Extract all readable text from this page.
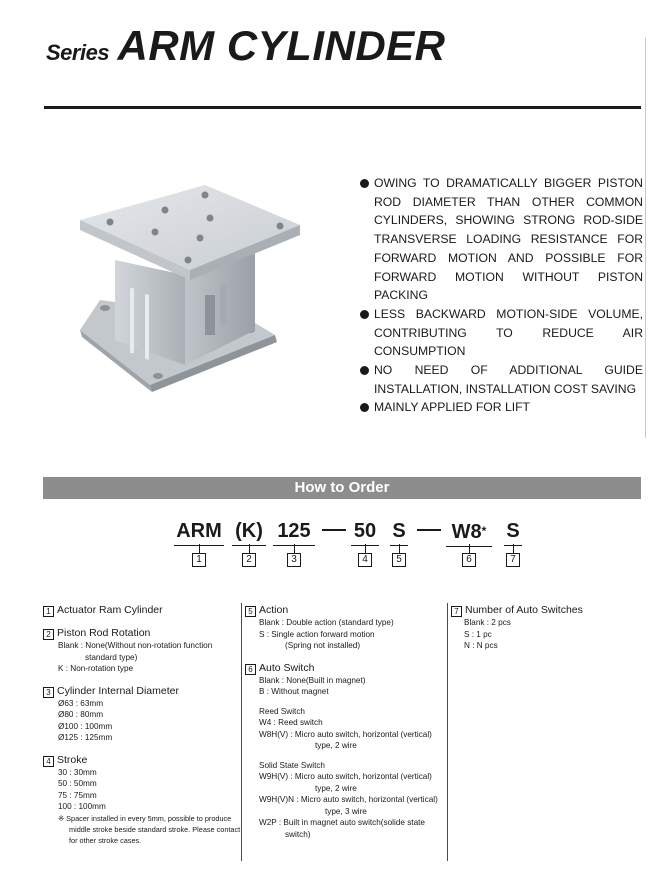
Series ARM CYLINDER
OWING TO DRAMATICALLY BIGGER PISTON ROD DIAMETER THAN OTHER COMMON CYLINDERS, SHOWING STRONG ROD-SIDE TRANSVERSE LOADING RESISTANCE FOR FORWARD MOTION AND POSSIBLE FOR FORWARD MOTION WITHOUT PISTON PACKING
LESS BACKWARD MOTION-SIDE VOLUME, CONTRIBUTING TO REDUCE AIR CONSUMPTION
NO NEED OF ADDITIONAL GUIDE INSTALLATION, INSTALLATION COST SAVING
MAINLY APPLIED FOR LIFT
How to Order
ARM (K) 125 50 S W8* S
1	2	3	4	5	6	7
1 Actuator Ram Cylinder
2 Piston Rod Rotation
Blank : None(Without non-rotation function
standard type)
K : Non-rotation type
3 Cylinder Internal Diameter
Ø63 : 63mm
Ø80 : 80mm
Ø100 : 100mm
Ø125 : 125mm
4 Stroke
30 : 30mm
50 : 50mm
75 : 75mm
100 : 100mm
※ Spacer installed in every 5mm, possible to produce
middle stroke beside standard stroke. Please contact
for other stroke cases.
5 Action
Blank : Double action (standard type)
S : Single action forward motion
(Spring not installed)
6 Auto Switch
Blank : None(Built in magnet)
B : Without magnet
Reed Switch
W4 : Reed switch
W8H(V) : Micro auto switch, horizontal (vertical)
type, 2 wire
Solid State Switch
W9H(V) : Micro auto switch, horizontal (vertical)
type, 2 wire
W9H(V)N : Micro auto switch, horizontal (vertical)
type, 3 wire
W2P : Built in magnet auto switch(solide state
switch)
7 Number of Auto Switches
Blank : 2 pcs
S : 1 pc
N : N pcs
